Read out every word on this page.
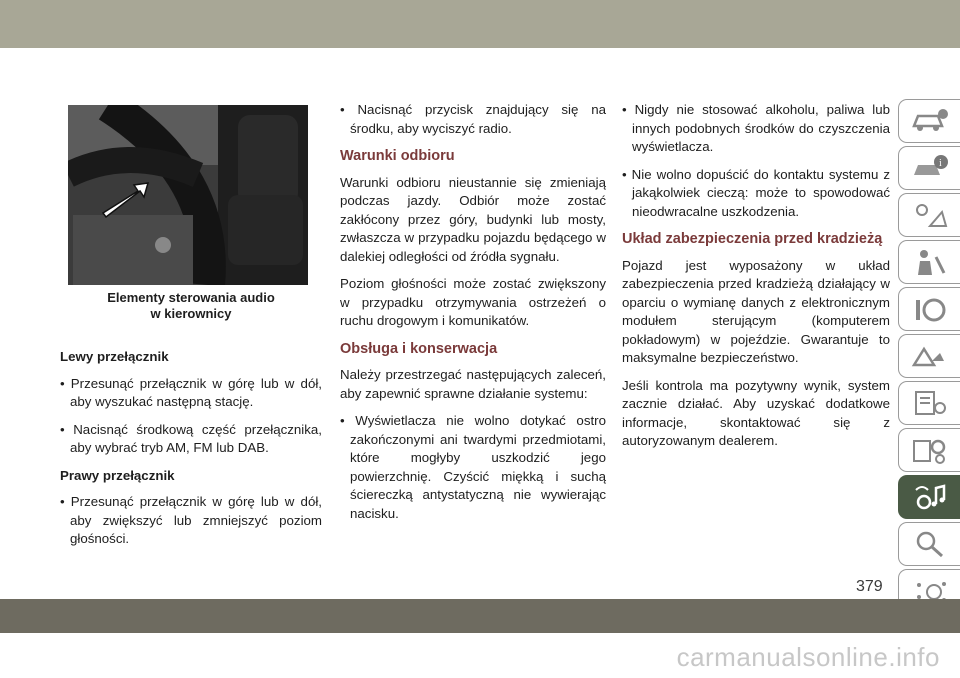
Elementy sterowania audio
w kierownicy
Lewy przełącznik

• Przesunąć przełącznik w górę lub w dół, aby wyszukać następną stację.

• Nacisnąć środkową część przełącznika, aby wybrać tryb AM, FM lub DAB.

Prawy przełącznik

• Przesunąć przełącznik w górę lub w dół, aby zwiększyć lub zmniejszyć poziom głośności.

• Nacisnąć przycisk znajdujący się na środku, aby wyciszyć radio.

Warunki odbioru

Warunki odbioru nieustannie się zmieniają podczas jazdy. Odbiór może zostać zakłócony przez góry, budynki lub mosty, zwłaszcza w przypadku pojazdu będącego w dalekiej odległości od źródła sygnału.

Poziom głośności może zostać zwiększony w przypadku otrzymywania ostrzeżeń o ruchu drogowym i komunikatów.

Obsługa i konserwacja

Należy przestrzegać następujących zaleceń, aby zapewnić sprawne działanie systemu:

• Wyświetlacza nie wolno dotykać ostro zakończonymi ani twardymi przedmiotami, które mogłyby uszkodzić jego powierzchnię. Czyścić miękką i suchą ściereczką antystatyczną nie wywierając nacisku.

• Nigdy nie stosować alkoholu, paliwa lub innych podobnych środków do czyszczenia wyświetlacza.

• Nie wolno dopuścić do kontaktu systemu z jakąkolwiek cieczą: może to spowodować nieodwracalne uszkodzenia.

Układ zabezpieczenia przed kradzieżą

Pojazd jest wyposażony w układ zabezpieczenia przed kradzieżą działający w oparciu o wymianę danych z elektronicznym modułem sterującym (komputerem pokładowym) w pojeździe. Gwarantuje to maksymalne bezpieczeństwo.

Jeśli kontrola ma pozytywny wynik, system zacznie działać. Aby uzyskać dodatkowe informacje, skontaktować się z autoryzowanym dealerem.

i
379
carmanualsonline.info
